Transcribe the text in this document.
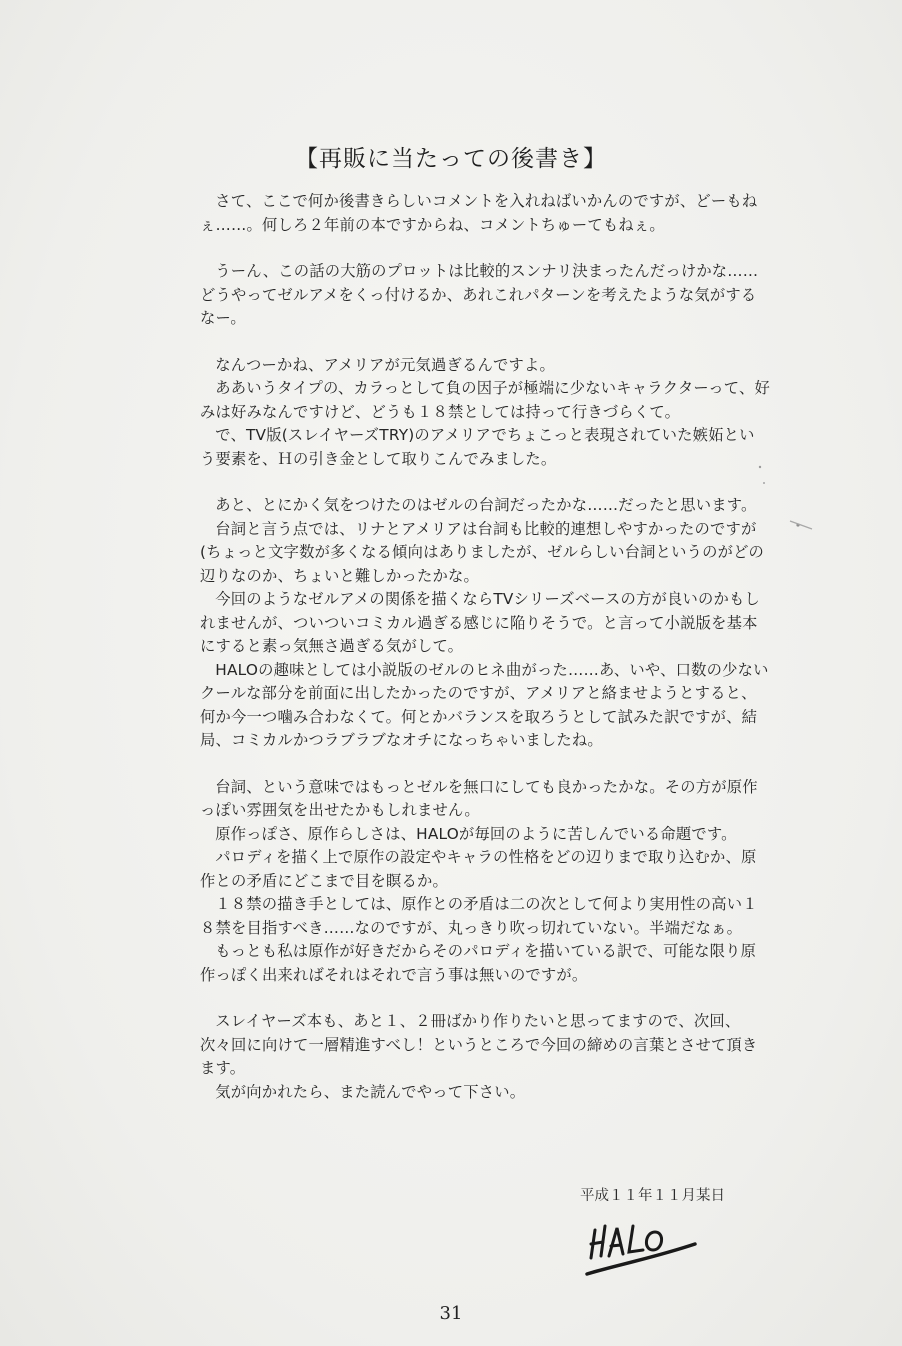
【再販に当たっての後書き】

さて、ここで何か後書きらしいコメントを入れねばいかんのですが、どーもねぇ……。何しろ２年前の本ですからね、コメントちゅーてもねぇ。

うーん、この話の大筋のプロットは比較的スンナリ決まったんだっけかな……どうやってゼルアメをくっ付けるか、あれこれパターンを考えたような気がするなー。

なんつーかね、アメリアが元気過ぎるんですよ。

ああいうタイプの、カラっとして負の因子が極端に少ないキャラクターって、好みは好みなんですけど、どうも１８禁としては持って行きづらくて。

で、TV版(スレイヤーズTRY)のアメリアでちょこっと表現されていた嫉妬という要素を、Ｈの引き金として取りこんでみました。

あと、とにかく気をつけたのはゼルの台詞だったかな……だったと思います。

台詞と言う点では、リナとアメリアは台詞も比較的連想しやすかったのですが(ちょっと文字数が多くなる傾向はありましたが、ゼルらしい台詞というのがどの辺りなのか、ちょいと難しかったかな。

今回のようなゼルアメの関係を描くならTVシリーズベースの方が良いのかもしれませんが、ついついコミカル過ぎる感じに陥りそうで。と言って小説版を基本にすると素っ気無さ過ぎる気がして。

HALOの趣味としては小説版のゼルのヒネ曲がった……あ、いや、口数の少ないクールな部分を前面に出したかったのですが、アメリアと絡ませようとすると、何か今一つ噛み合わなくて。何とかバランスを取ろうとして試みた訳ですが、結局、コミカルかつラブラブなオチになっちゃいましたね。

台詞、という意味ではもっとゼルを無口にしても良かったかな。その方が原作っぽい雰囲気を出せたかもしれません。

原作っぽさ、原作らしさは、HALOが毎回のように苦しんでいる命題です。

パロディを描く上で原作の設定やキャラの性格をどの辺りまで取り込むか、原作との矛盾にどこまで目を瞑るか。

１８禁の描き手としては、原作との矛盾は二の次として何より実用性の高い１８禁を目指すべき……なのですが、丸っきり吹っ切れていない。半端だなぁ。

もっとも私は原作が好きだからそのパロディを描いている訳で、可能な限り原作っぽく出来ればそれはそれで言う事は無いのですが。

スレイヤーズ本も、あと１、２冊ばかり作りたいと思ってますので、次回、次々回に向けて一層精進すべし！というところで今回の締めの言葉とさせて頂きます。

気が向かれたら、また読んでやって下さい。

平成１１年１１月某日
31
